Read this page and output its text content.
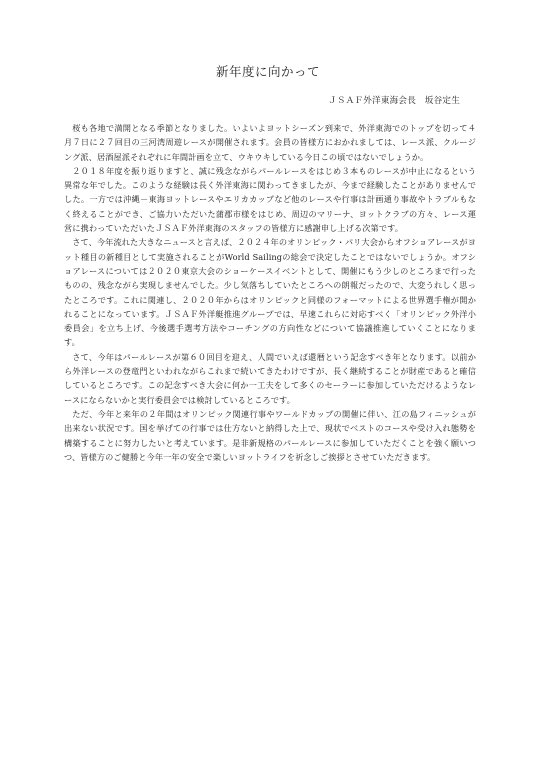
新年度に向かって
ＪＳＡＦ外洋東海会長　坂谷定生

桜も各地で満開となる季節となりました。いよいよヨットシーズン到来で、外洋東海でのトップを切って４月７日に２７回目の三河湾周遊レースが開催されます。会員の皆様方におかれましては、レース派、クルージング派、居酒屋派それぞれに年間計画を立て、ウキウキしている今日この頃ではないでしょうか。

２０１８年度を振り返りますと、誠に残念ながらパールレースをはじめ３本ものレースが中止になるという異常な年でした。このような経験は長く外洋東海に関わってきましたが、今まで経験したことがありませんでした。一方では沖縄－東海ヨットレースやエリカカップなど他のレースや行事は計画通り事故やトラブルもなく終えることができ、ご協力いただいた蒲郡市様をはじめ、周辺のマリーナ、ヨットクラブの方々、レース運営に携わっていただいたＪＳＡＦ外洋東海のスタッフの皆様方に感謝申し上げる次第です。

さて、今年流れた大きなニュースと言えば、２０２４年のオリンピック・パリ大会からオフショアレースがヨット種目の新種目として実施されることがWorld Sailingの総会で決定したことではないでしょうか。オフショアレースについては２０２０東京大会のショーケースイベントとして、開催にもう少しのところまで行ったものの、残念ながら実現しませんでした。少し気落ちしていたところへの朗報だったので、大変うれしく思ったところです。これに関連し、２０２０年からはオリンピックと同様のフォーマットによる世界選手権が開かれることになっています。ＪＳＡＦ外洋艇推進グループでは、早速これらに対応すべく「オリンピック外洋小委員会」を立ち上げ、今後選手選考方法やコーチングの方向性などについて協議推進していくことになります。

さて、今年はパールレースが第６０回目を迎え、人間でいえば還暦という記念すべき年となります。以前から外洋レースの登竜門といわれながらこれまで続いてきたわけですが、長く継続することが財産であると確信しているところです。この記念すべき大会に何か一工夫をして多くのセーラーに参加していただけるようなレースにならないかと実行委員会では検討しているところです。

ただ、今年と来年の２年間はオリンピック関連行事やワールドカップの開催に伴い、江の島フィニッシュが出来ない状況です。国を挙げての行事では仕方ないと納得した上で、現状でベストのコースや受け入れ態勢を構築することに努力したいと考えています。是非新規格のパールレースに参加していただくことを強く願いつつ、皆様方のご健勝と今年一年の安全で楽しいヨットライフを祈念しご挨拶とさせていただきます。
